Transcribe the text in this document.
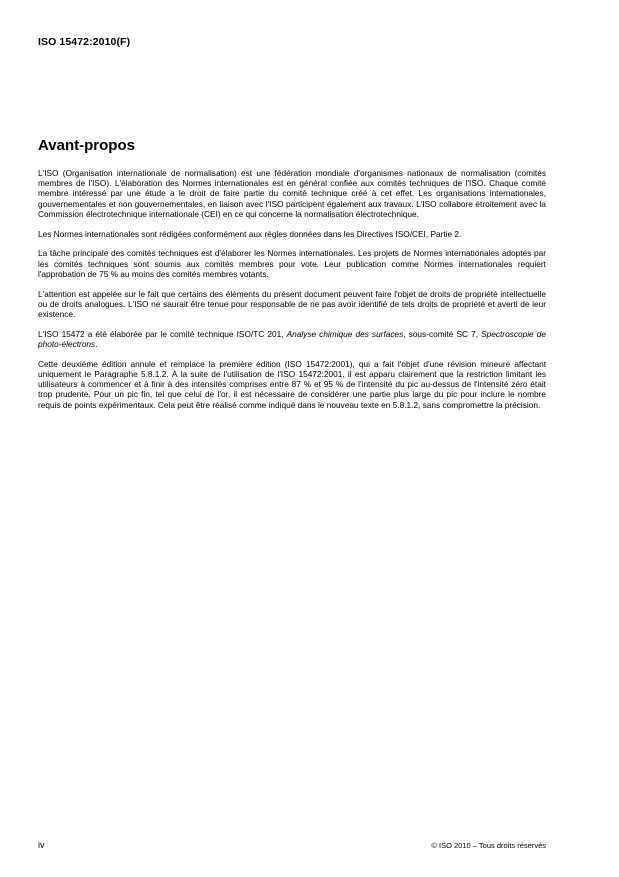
ISO 15472:2010(F)
Avant-propos

L'ISO (Organisation internationale de normalisation) est une fédération mondiale d'organismes nationaux de normalisation (comités membres de l'ISO). L'élaboration des Normes internationales est en général confiée aux comités techniques de l'ISO. Chaque comité membre intéressé par une étude a le droit de faire partie du comité technique créé à cet effet. Les organisations internationales, gouvernementales et non gouvernementales, en liaison avec l'ISO participent également aux travaux. L'ISO collabore étroitement avec la Commission électrotechnique internationale (CEI) en ce qui concerne la normalisation électrotechnique.

Les Normes internationales sont rédigées conformément aux règles données dans les Directives ISO/CEI, Partie 2.

La tâche principale des comités techniques est d'élaborer les Normes internationales. Les projets de Normes internationales adoptés par les comités techniques sont soumis aux comités membres pour vote. Leur publication comme Normes internationales requiert l'approbation de 75 % au moins des comités membres votants.

L'attention est appelée sur le fait que certains des éléments du présent document peuvent faire l'objet de droits de propriété intellectuelle ou de droits analogues. L'ISO ne saurait être tenue pour responsable de ne pas avoir identifié de tels droits de propriété et averti de leur existence.

L'ISO 15472 a été élaborée par le comité technique ISO/TC 201, Analyse chimique des surfaces, sous-comité SC 7, Spectroscopie de photo-électrons.

Cette deuxième édition annule et remplace la première édition (ISO 15472:2001), qui a fait l'objet d'une révision mineure affectant uniquement le Paragraphe 5.8.1.2. À la suite de l'utilisation de l'ISO 15472:2001, il est apparu clairement que la restriction limitant les utilisateurs à commencer et à finir à des intensités comprises entre 87 % et 95 % de l'intensité du pic au-dessus de l'intensité zéro était trop prudente. Pour un pic fin, tel que celui de l'or, il est nécessaire de considérer une partie plus large du pic pour inclure le nombre requis de points expérimentaux. Cela peut être réalisé comme indiqué dans le nouveau texte en 5.8.1.2, sans compromettre la précision.

iv	© ISO 2010 – Tous droits réservés
